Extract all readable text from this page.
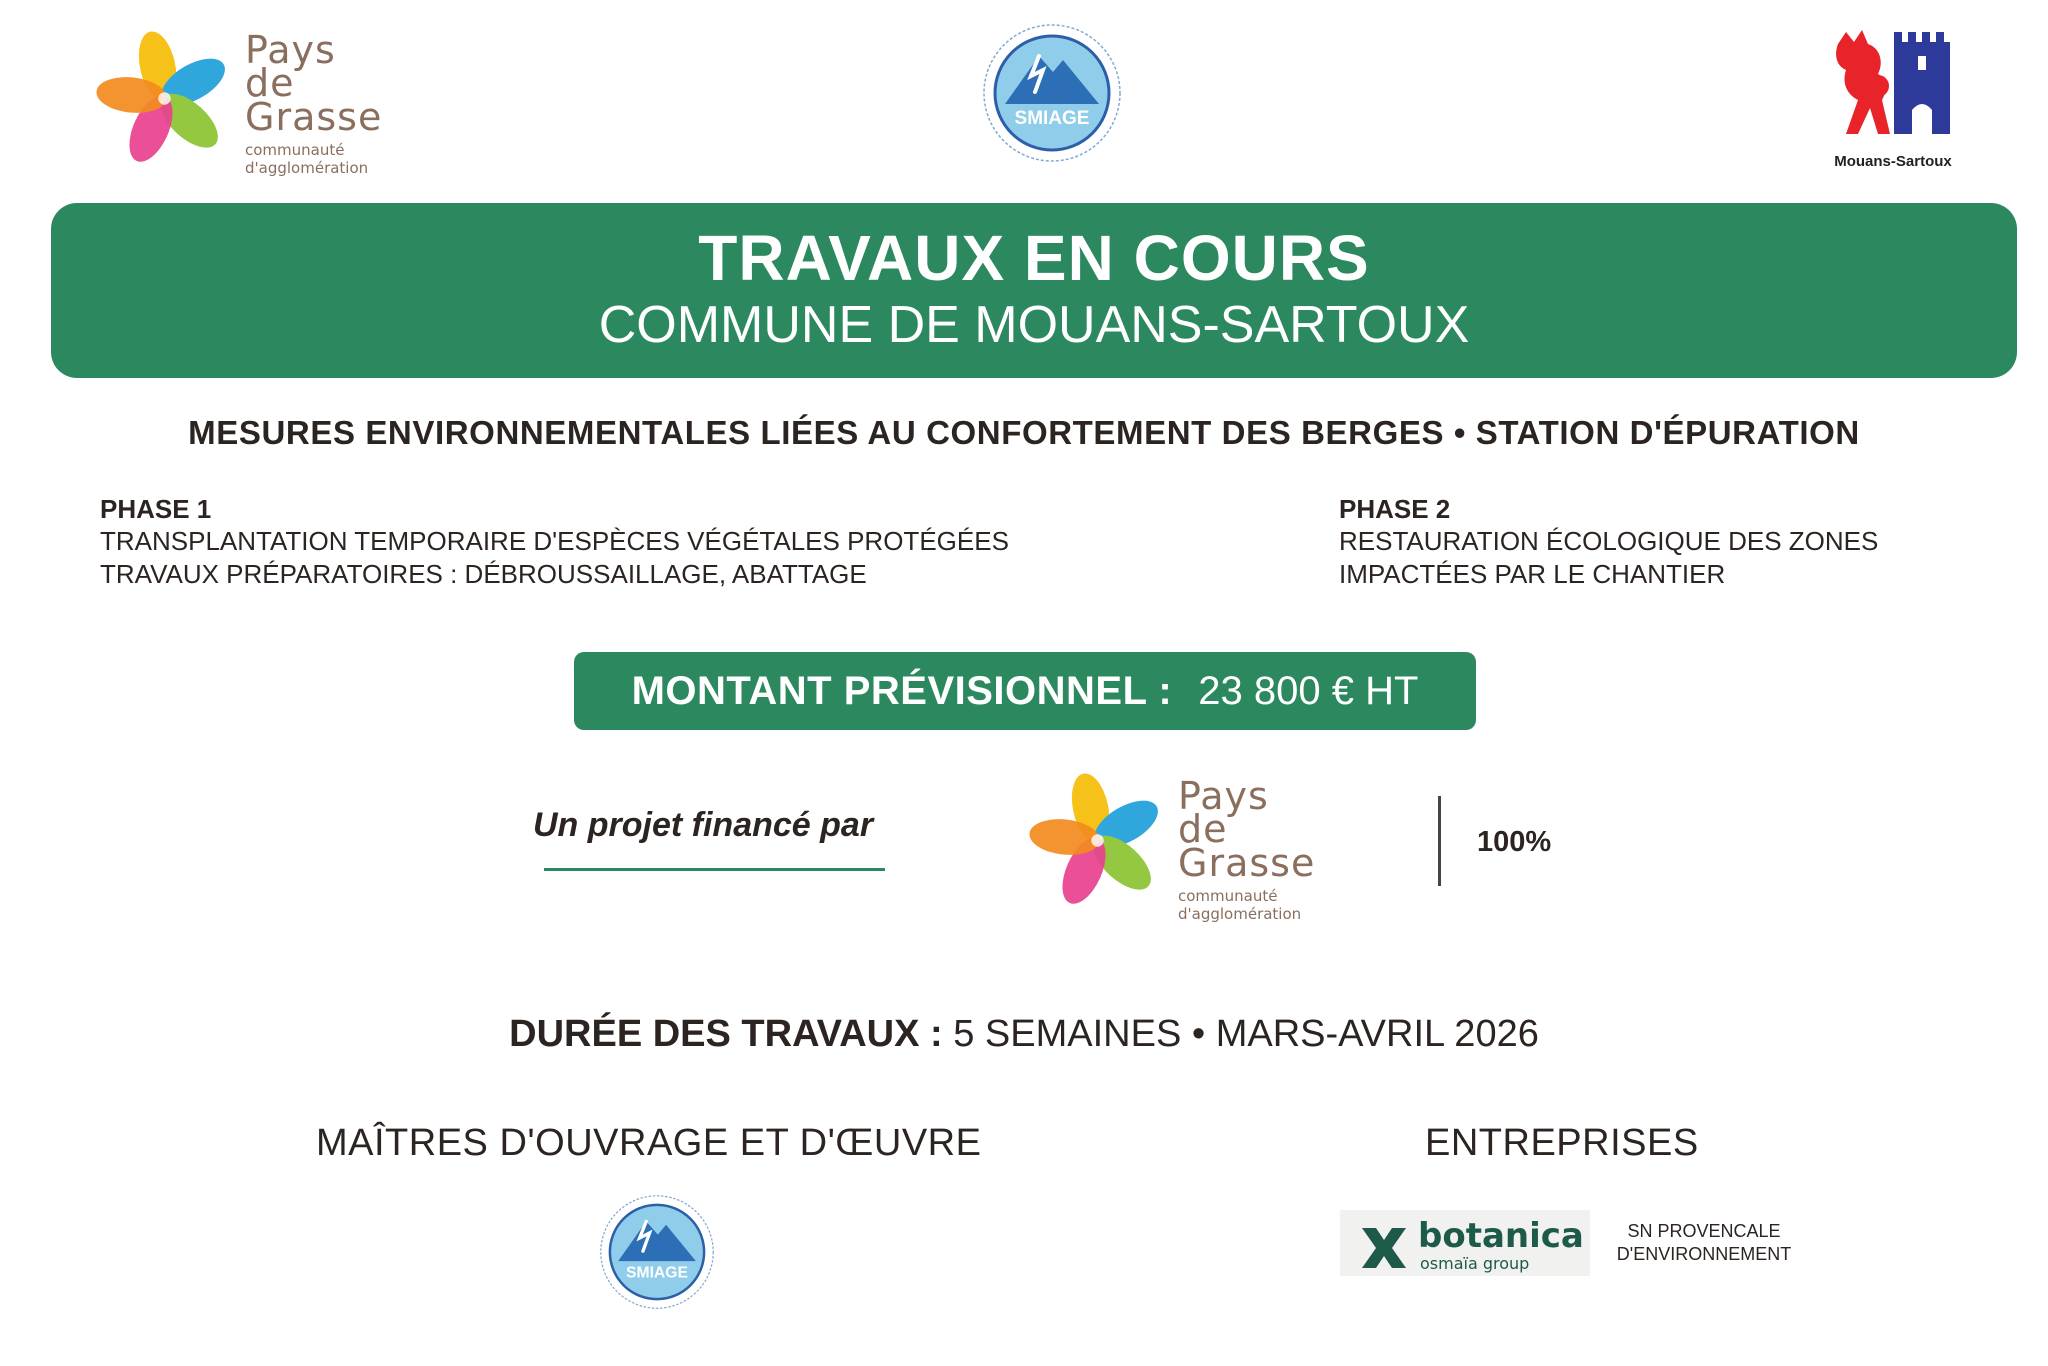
Pays
de
Grasse
communauté
d'agglomération	Mouans-Sartoux
TRAVAUX EN COURS
COMMUNE DE MOUANS-SARTOUX
MESURES ENVIRONNEMENTALES LIÉES AU CONFORTEMENT DES BERGES • STATION D'ÉPURATION
PHASE 1
TRANSPLANTATION TEMPORAIRE D'ESPÈCES VÉGÉTALES PROTÉGÉES
TRAVAUX PRÉPARATOIRES : DÉBROUSSAILLAGE, ABATTAGE
PHASE 2
RESTAURATION ÉCOLOGIQUE DES ZONES
IMPACTÉES PAR LE CHANTIER
MONTANT PRÉVISIONNEL : 23 800 € HT
Un projet financé par
Pays
de
Grasse
communauté
d'agglomération
100%
DURÉE DES TRAVAUX : 5 SEMAINES • MARS-AVRIL 2026
MAÎTRES D'OUVRAGE ET D'ŒUVRE	ENTREPRISES
botanica
osmaïa group
SN PROVENCALE
D'ENVIRONNEMENT
